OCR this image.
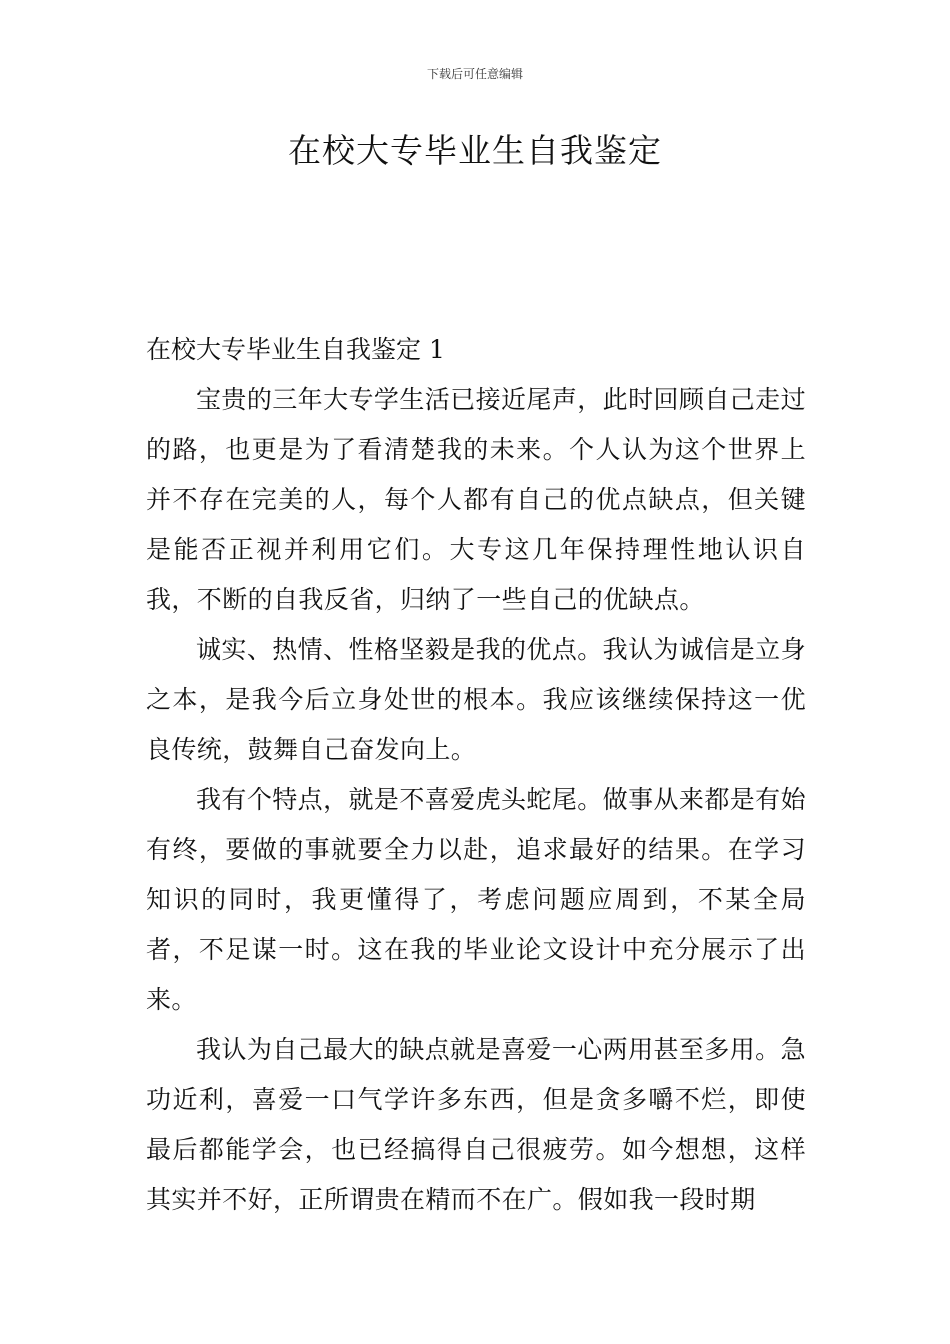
下载后可任意编辑
在校大专毕业生自我鉴定

在校大专毕业生自我鉴定 1

宝贵的三年大专学生活已接近尾声，此时回顾自己走过的路，也更是为了看清楚我的未来。个人认为这个世界上并不存在完美的人，每个人都有自己的优点缺点，但关键是能否正视并利用它们。大专这几年保持理性地认识自我，不断的自我反省，归纳了一些自己的优缺点。

诚实、热情、性格坚毅是我的优点。我认为诚信是立身之本，是我今后立身处世的根本。我应该继续保持这一优良传统，鼓舞自己奋发向上。

我有个特点，就是不喜爱虎头蛇尾。做事从来都是有始有终，要做的事就要全力以赴，追求最好的结果。在学习知识的同时，我更懂得了，考虑问题应周到，不某全局者，不足谋一时。这在我的毕业论文设计中充分展示了出来。

我认为自己最大的缺点就是喜爱一心两用甚至多用。急功近利，喜爱一口气学许多东西，但是贪多嚼不烂，即使最后都能学会，也已经搞得自己很疲劳。如今想想，这样其实并不好，正所谓贵在精而不在广。假如我一段时期
